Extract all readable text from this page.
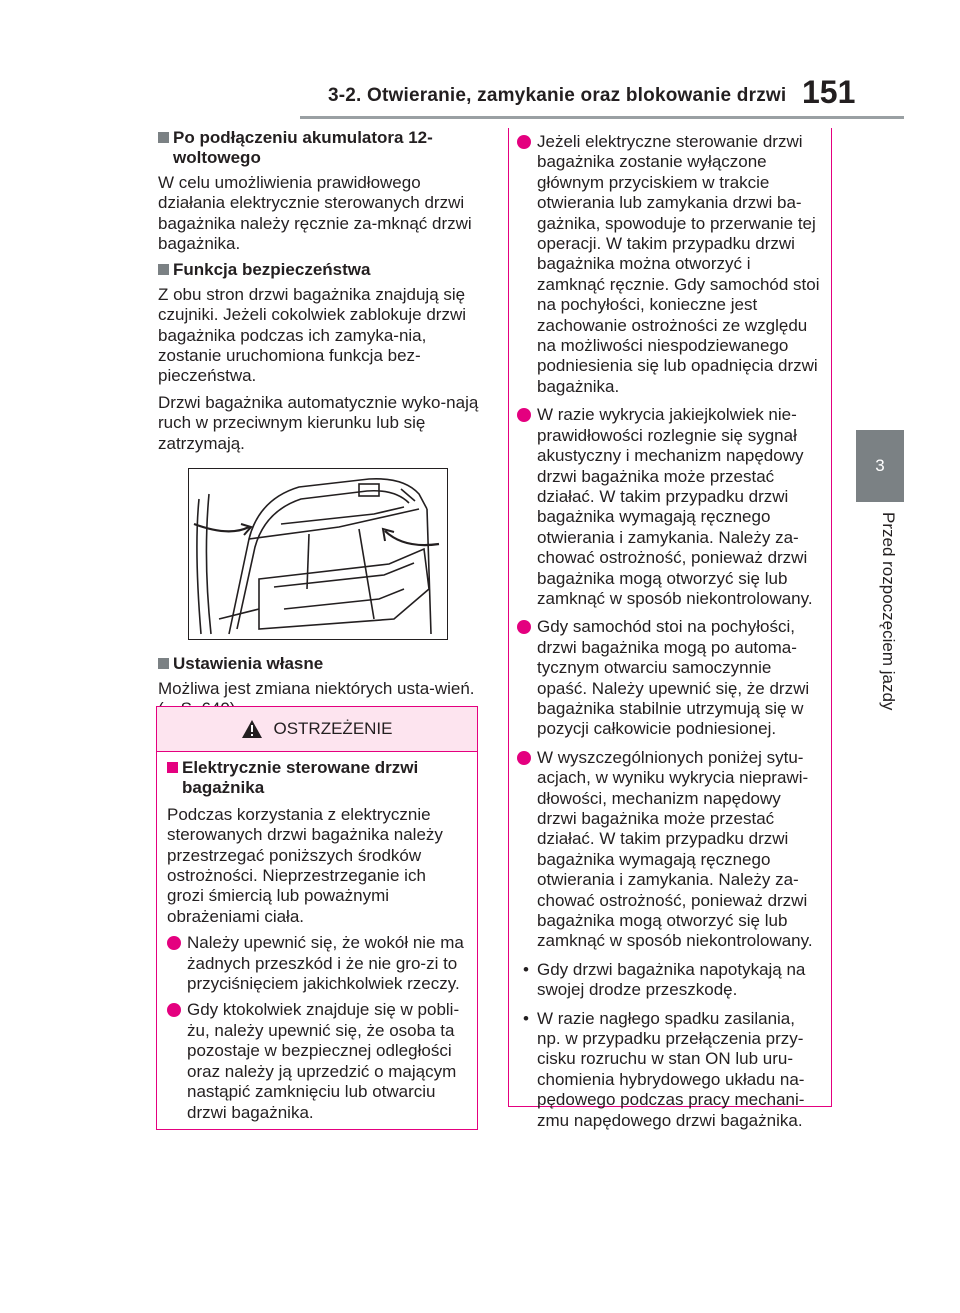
3-2. Otwieranie, zamykanie oraz blokowanie drzwi 151
3
Przed rozpoczęciem jazdy

Po podłączeniu akumulatora 12-woltowego

W celu umożliwienia prawidłowego działania elektrycznie sterowanych drzwi bagażnika należy ręcznie za-mknąć drzwi bagażnika.

Funkcja bezpieczeństwa

Z obu stron drzwi bagażnika znajdują się czujniki. Jeżeli cokolwiek zablokuje drzwi bagażnika podczas ich zamyka-nia, zostanie uruchomiona funkcja bez-pieczeństwa.

Drzwi bagażnika automatycznie wyko-nają ruch w przeciwnym kierunku lub się zatrzymają.

Ustawienia własne

Możliwa jest zmiana niektórych usta-wień.

OSTRZEŻENIE

Elektrycznie sterowane drzwi bagażnika

Podczas korzystania z elektrycznie sterowanych drzwi bagażnika należy przestrzegać poniższych środków ostrożności. Nieprzestrzeganie ich grozi śmiercią lub poważnymi obrażeniami ciała.

Należy upewnić się, że wokół nie ma żadnych przeszkód i że nie gro-zi to przyciśnięciem jakichkolwiek rzeczy.
Gdy ktokolwiek znajduje się w pobli-żu, należy upewnić się, że osoba ta pozostaje w bezpiecznej odległości oraz należy ją uprzedzić o mającym nastąpić zamknięciu lub otwarciu drzwi bagażnika.
Jeżeli elektryczne sterowanie drzwi bagażnika zostanie wyłączone głównym przyciskiem w trakcie otwierania lub zamykania drzwi ba-gażnika, spowoduje to przerwanie tej operacji. W takim przypadku drzwi bagażnika można otworzyć i zamknąć ręcznie. Gdy samochód stoi na pochyłości, konieczne jest zachowanie ostrożności ze względu na możliwości niespodziewanego podniesienia się lub opadnięcia drzwi bagażnika.
W razie wykrycia jakiejkolwiek nie-prawidłowości rozlegnie się sygnał akustyczny i mechanizm napędowy drzwi bagażnika może przestać działać. W takim przypadku drzwi bagażnika wymagają ręcznego otwierania i zamykania. Należy za-chować ostrożność, ponieważ drzwi bagażnika mogą otworzyć się lub zamknąć w sposób niekontrolowany.
Gdy samochód stoi na pochyłości, drzwi bagażnika mogą po automa-tycznym otwarciu samoczynnie opaść. Należy upewnić się, że drzwi bagażnika stabilnie utrzymują się w pozycji całkowicie podniesionej.
W wyszczególnionych poniżej sytu-acjach, w wyniku wykrycia nieprawi-dłowości, mechanizm napędowy drzwi bagażnika może przestać działać. W takim przypadku drzwi bagażnika wymagają ręcznego otwierania i zamykania. Należy za-chować ostrożność, ponieważ drzwi bagażnika mogą otworzyć się lub zamknąć w sposób niekontrolowany.
• Gdy drzwi bagażnika napotykają na swojej drodze przeszkodę.
• W razie nagłego spadku zasilania, np. w przypadku przełączenia przy-cisku rozruchu w stan ON lub uru-chomienia hybrydowego układu na-pędowego podczas pracy mechani-zmu napędowego drzwi bagażnika.
